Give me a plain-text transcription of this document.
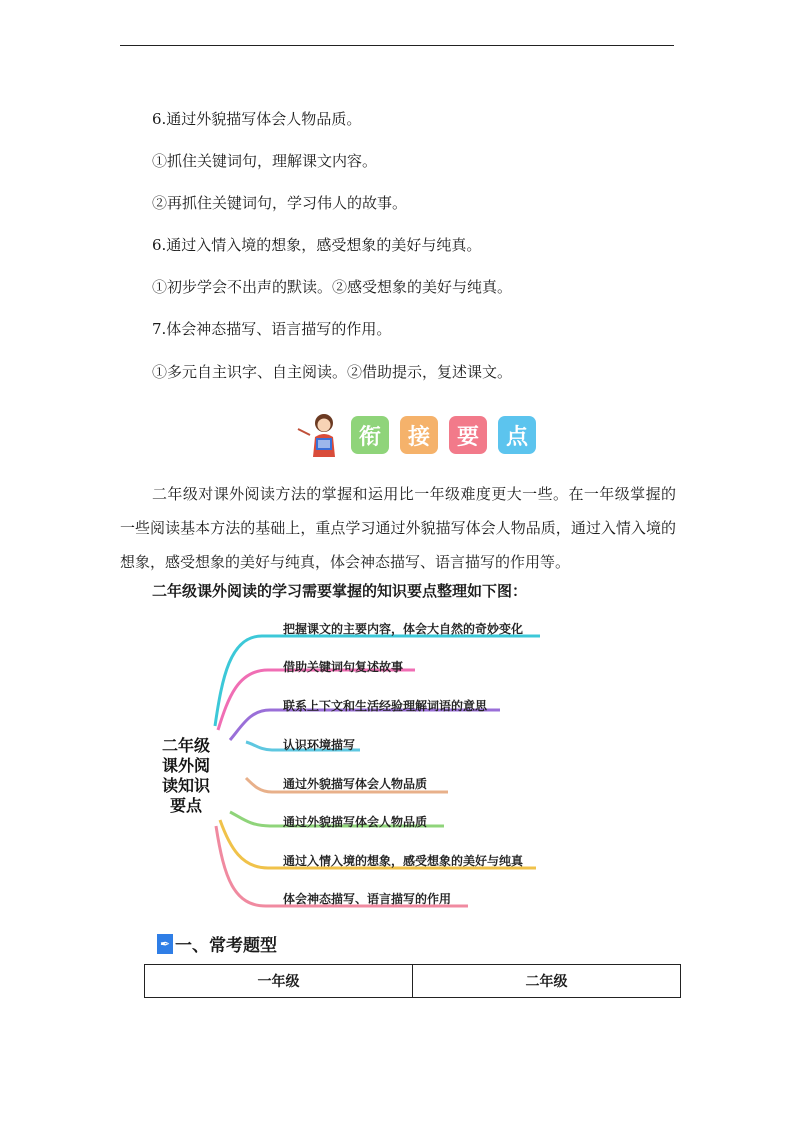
6.通过外貌描写体会人物品质。
①抓住关键词句，理解课文内容。
②再抓住关键词句，学习伟人的故事。
6.通过入情入境的想象，感受想象的美好与纯真。
①初步学会不出声的默读。②感受想象的美好与纯真。
7.体会神态描写、语言描写的作用。
①多元自主识字、自主阅读。②借助提示，复述课文。
衔	接	要	点
二年级对课外阅读方法的掌握和运用比一年级难度更大一些。在一年级掌握的一些阅读基本方法的基础上，重点学习通过外貌描写体会人物品质，通过入情入境的想象，感受想象的美好与纯真，体会神态描写、语言描写的作用等。
二年级课外阅读的学习需要掌握的知识要点整理如下图：
二年级
课外阅
读知识
要点
把握课文的主要内容，体会大自然的奇妙变化
借助关键词句复述故事
联系上下文和生活经验理解词语的意思
认识环境描写
通过外貌描写体会人物品质
通过外貌描写体会人物品质
通过入情入境的想象，感受想象的美好与纯真
体会神态描写、语言描写的作用
✒ 一、常考题型
一年级	二年级
